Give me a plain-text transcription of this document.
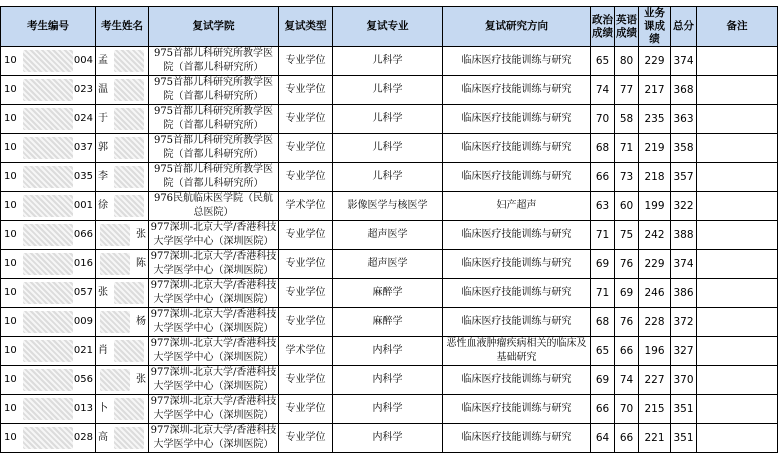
考生编号	考生姓名	复试学院	复试类型	复试专业	复试研究方向	政治成绩	英语成绩	业务课成绩	总分	备注

10 004	孟	975首都儿科研究所教学医院（首都儿科研究所）	专业学位	儿科学	临床医疗技能训练与研究	65	80	229	374	

10 023	温	975首都儿科研究所教学医院（首都儿科研究所）	专业学位	儿科学	临床医疗技能训练与研究	74	77	217	368	

10 024	于	975首都儿科研究所教学医院（首都儿科研究所）	专业学位	儿科学	临床医疗技能训练与研究	70	58	235	363	

10 037	郭	975首都儿科研究所教学医院（首都儿科研究所）	专业学位	儿科学	临床医疗技能训练与研究	68	71	219	358	

10 035	李	975首都儿科研究所教学医院（首都儿科研究所）	专业学位	儿科学	临床医疗技能训练与研究	66	73	218	357	

10 001	徐	976民航临床医学院（民航总医院）	学术学位	影像医学与核医学	妇产超声	63	60	199	322	

10 066	张	977深圳-北京大学/香港科技大学医学中心（深圳医院）	专业学位	超声医学	临床医疗技能训练与研究	71	75	242	388	

10 016	陈	977深圳-北京大学/香港科技大学医学中心（深圳医院）	专业学位	超声医学	临床医疗技能训练与研究	69	76	229	374	

10 057	张	977深圳-北京大学/香港科技大学医学中心（深圳医院）	专业学位	麻醉学	临床医疗技能训练与研究	71	69	246	386	

10 009	杨	977深圳-北京大学/香港科技大学医学中心（深圳医院）	专业学位	麻醉学	临床医疗技能训练与研究	68	76	228	372	

10 021	肖	977深圳-北京大学/香港科技大学医学中心（深圳医院）	学术学位	内科学	恶性血液肿瘤疾病相关的临床及基础研究	65	66	196	327	

10 056	张	977深圳-北京大学/香港科技大学医学中心（深圳医院）	专业学位	内科学	临床医疗技能训练与研究	69	74	227	370	

10 013	卜	977深圳-北京大学/香港科技大学医学中心（深圳医院）	专业学位	内科学	临床医疗技能训练与研究	66	70	215	351	

10 028	高	977深圳-北京大学/香港科技大学医学中心（深圳医院）	专业学位	内科学	临床医疗技能训练与研究	64	66	221	351	
